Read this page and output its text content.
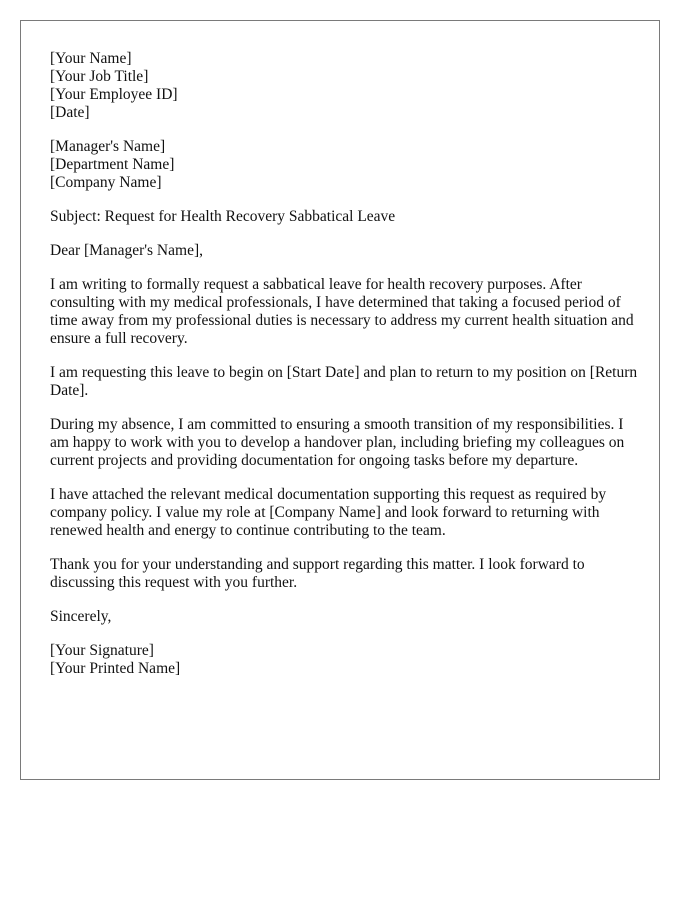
[Your Name]
[Your Job Title]
[Your Employee ID]
[Date]
[Manager's Name]
[Department Name]
[Company Name]

Subject: Request for Health Recovery Sabbatical Leave

Dear [Manager's Name],

I am writing to formally request a sabbatical leave for health recovery purposes. After consulting with my medical professionals, I have determined that taking a focused period of time away from my professional duties is necessary to address my current health situation and ensure a full recovery.

I am requesting this leave to begin on [Start Date] and plan to return to my position on [Return Date].

During my absence, I am committed to ensuring a smooth transition of my responsibilities. I am happy to work with you to develop a handover plan, including briefing my colleagues on current projects and providing documentation for ongoing tasks before my departure.

I have attached the relevant medical documentation supporting this request as required by company policy. I value my role at [Company Name] and look forward to returning with renewed health and energy to continue contributing to the team.

Thank you for your understanding and support regarding this matter. I look forward to discussing this request with you further.

Sincerely,

[Your Signature]
[Your Printed Name]
